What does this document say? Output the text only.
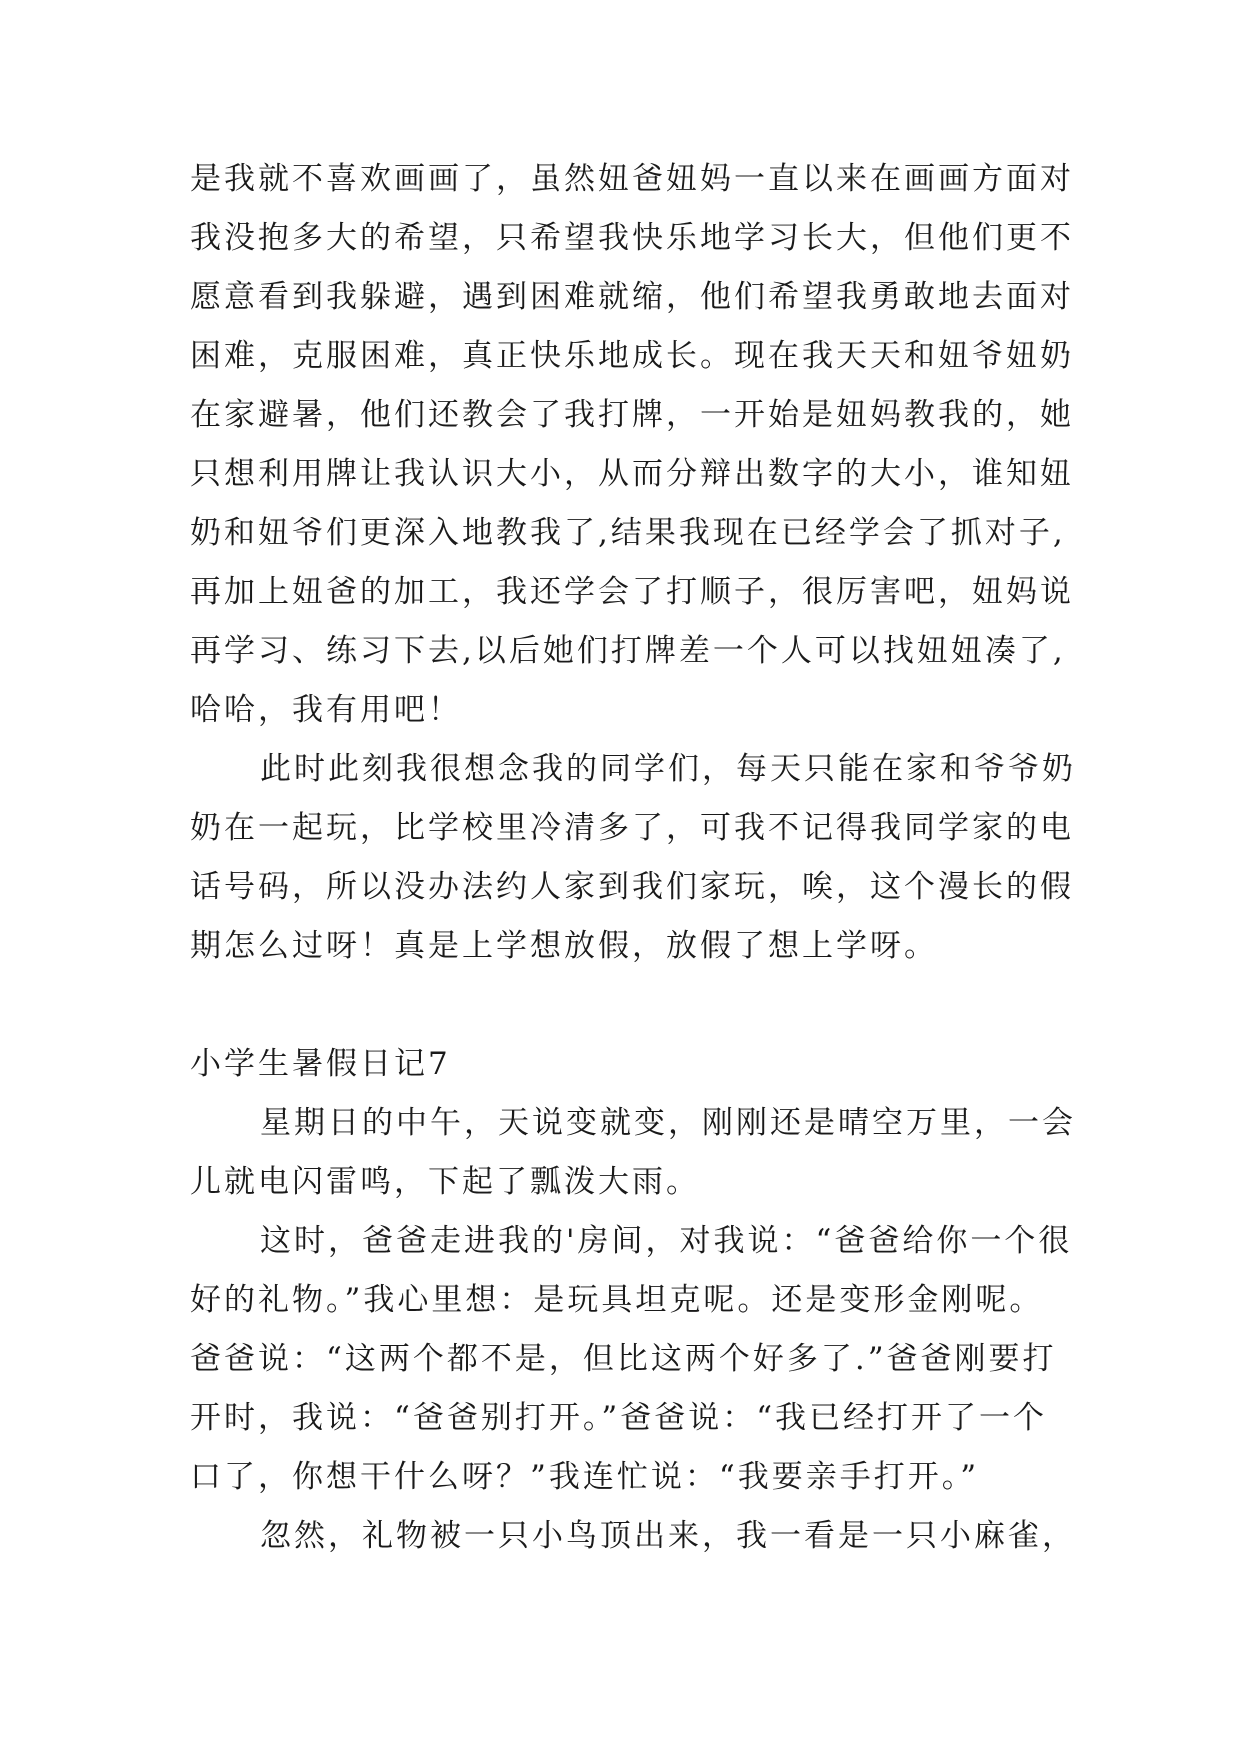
是我就不喜欢画画了，虽然妞爸妞妈一直以来在画画方面对
我没抱多大的希望，只希望我快乐地学习长大，但他们更不
愿意看到我躲避，遇到困难就缩，他们希望我勇敢地去面对
困难，克服困难，真正快乐地成长。现在我天天和妞爷妞奶
在家避暑，他们还教会了我打牌，一开始是妞妈教我的，她
只想利用牌让我认识大小，从而分辩出数字的大小，谁知妞
奶和妞爷们更深入地教我了,结果我现在已经学会了抓对子,
再加上妞爸的加工，我还学会了打顺子，很厉害吧，妞妈说
再学习、练习下去,以后她们打牌差一个人可以找妞妞凑了,
哈哈，我有用吧！
此时此刻我很想念我的同学们，每天只能在家和爷爷奶
奶在一起玩，比学校里冷清多了，可我不记得我同学家的电
话号码，所以没办法约人家到我们家玩，唉，这个漫长的假
期怎么过呀！真是上学想放假，放假了想上学呀。
小学生暑假日记7
星期日的中午，天说变就变，刚刚还是晴空万里，一会
儿就电闪雷鸣，下起了瓢泼大雨。
这时，爸爸走进我的'房间，对我说：“爸爸给你一个很
好的礼物。”我心里想：是玩具坦克呢。还是变形金刚呢。
爸爸说：“这两个都不是，但比这两个好多了.”爸爸刚要打
开时，我说：“爸爸别打开。”爸爸说：“我已经打开了一个
口了，你想干什么呀？”我连忙说：“我要亲手打开。”
忽然，礼物被一只小鸟顶出来，我一看是一只小麻雀，
